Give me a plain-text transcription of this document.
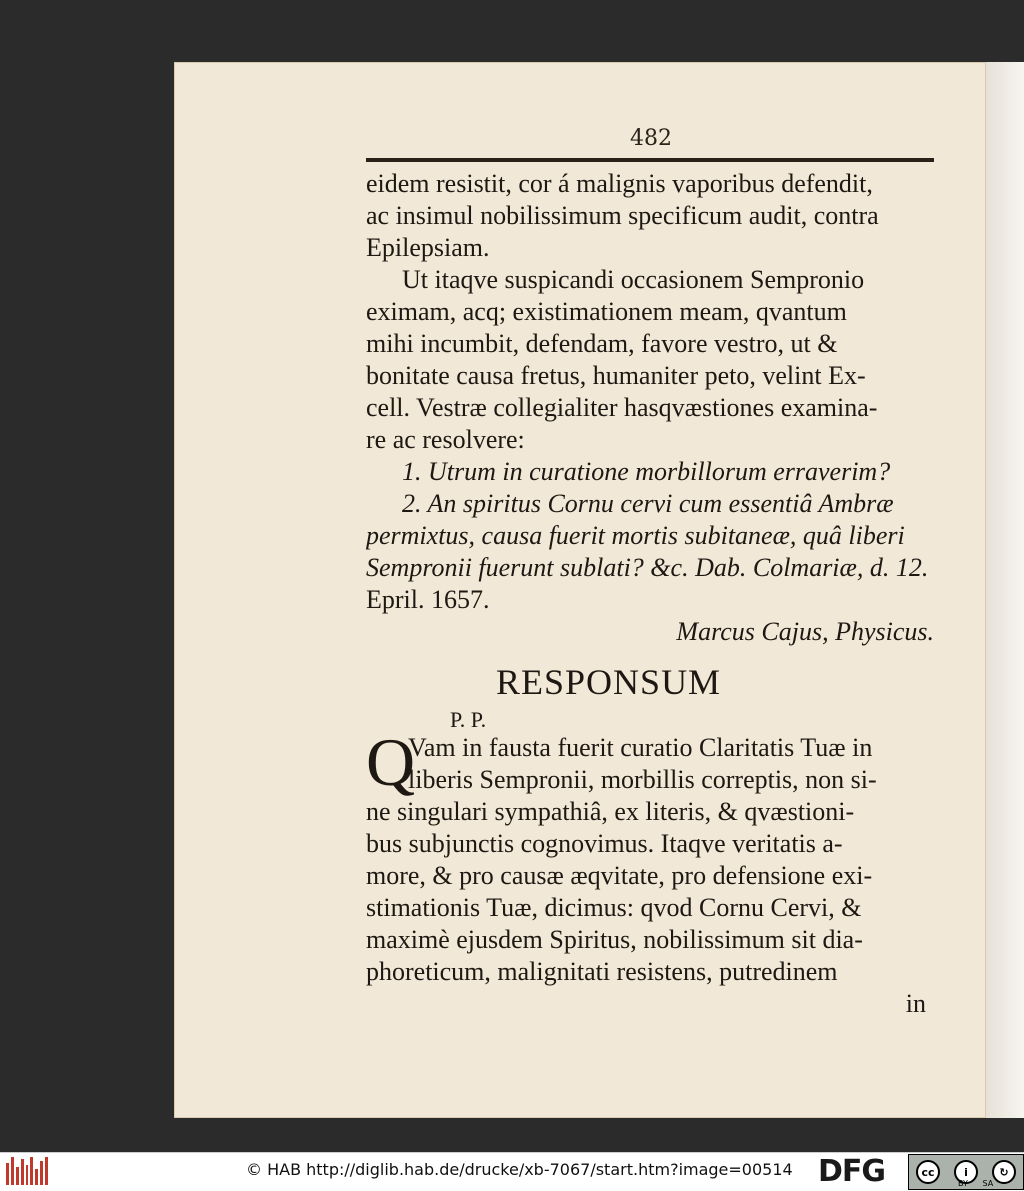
482
eidem resistit, cor á malignis vaporibus defendit,
ac insimul nobilissimum specificum audit, contra
Epilepsiam.
Ut itaqve suspicandi occasionem Sempronio
eximam, acq; existimationem meam, qvantum
mihi incumbit, defendam, favore vestro, ut &
bonitate causa fretus, humaniter peto, velint Ex-
cell. Vestræ collegialiter hasqvæstiones examina-
re ac resolvere:
1. Utrum in curatione morbillorum erraverim?
2. An spiritus Cornu cervi cum essentiâ Ambræ
permixtus, causa fuerit mortis subitaneæ, quâ liberi
Sempronii fuerunt sublati? &c. Dab. Colmariæ, d. 12.
Epril. 1657.
Marcus Cajus, Physicus.
RESPONSUM
P. P.
Q
Vam in fausta fuerit curatio Claritatis Tuæ in
liberis Sempronii, morbillis correptis, non si-
ne singulari sympathiâ, ex literis, & qvæstioni-
bus subjunctis cognovimus. Itaqve veritatis a-
more, & pro causæ æqvitate, pro defensione exi-
stimationis Tuæ, dicimus: qvod Cornu Cervi, &
maximè ejusdem Spiritus, nobilissimum sit dia-
phoreticum, malignitati resistens, putredinem
in
© HAB http://diglib.hab.de/drucke/xb-7067/start.htm?image=00514 DFG	cc	i	↻
BY SA
